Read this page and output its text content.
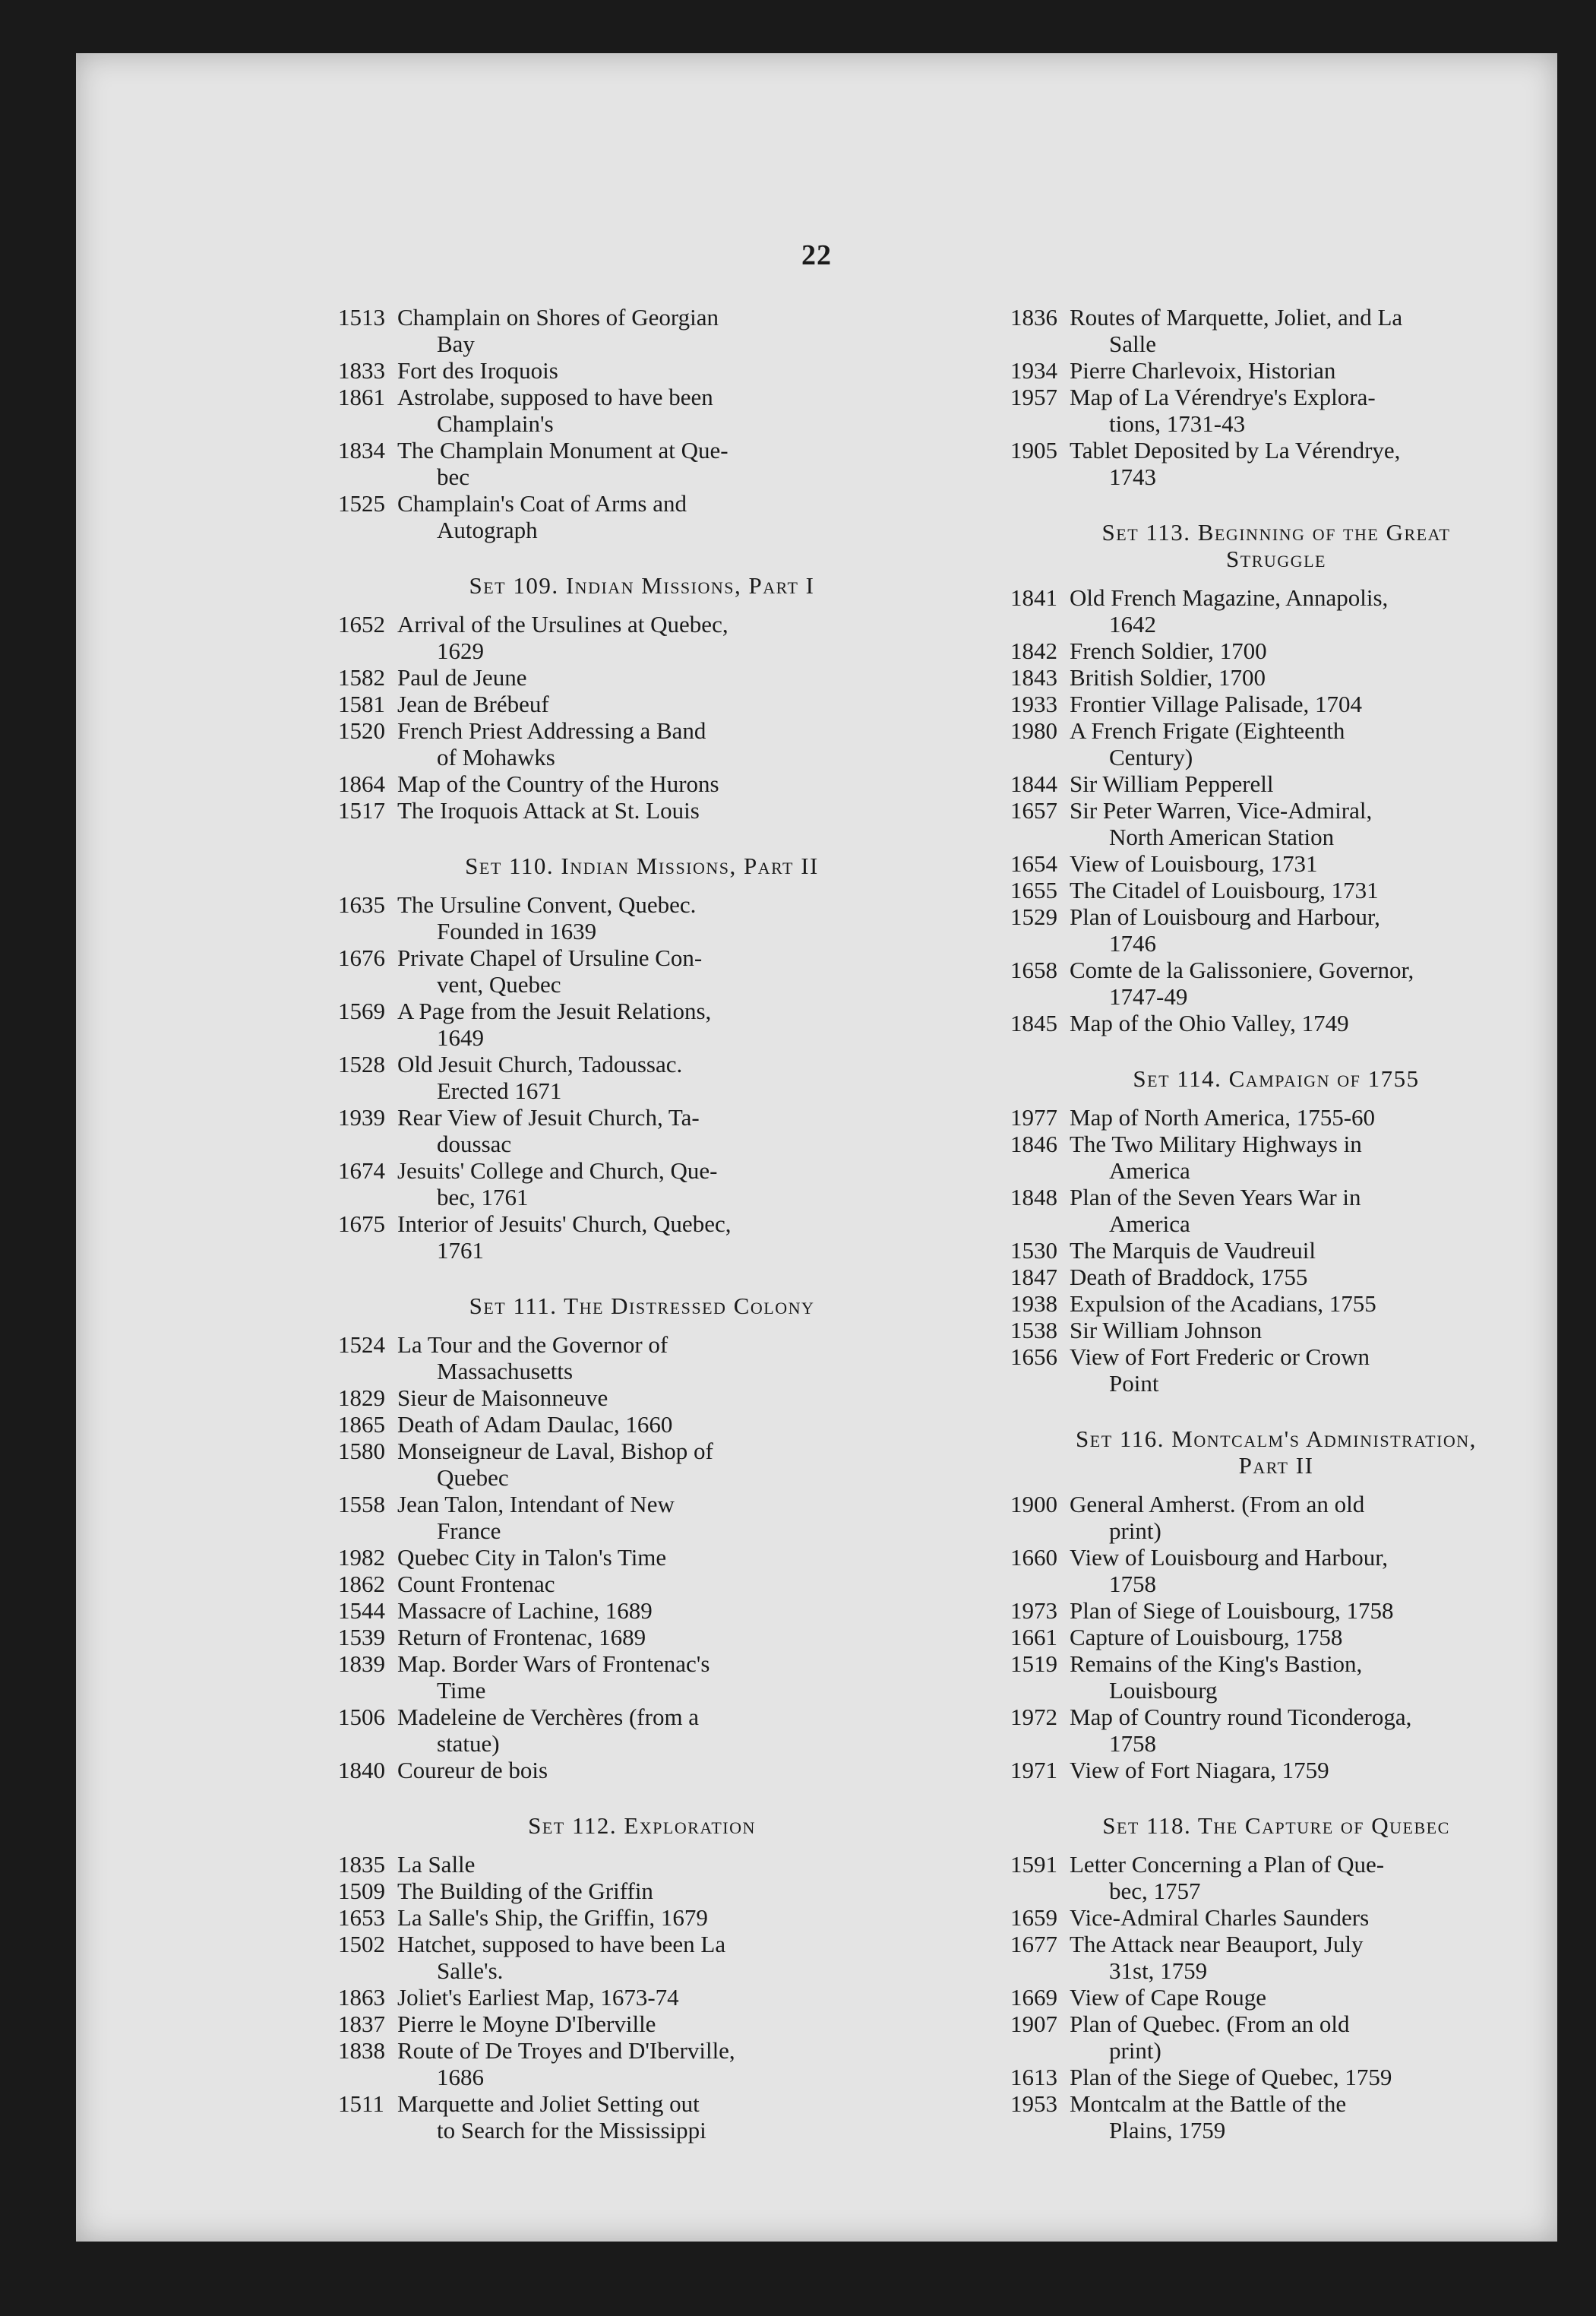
22
1513 Champlain on Shores of Georgian
Bay
1833 Fort des Iroquois
1861 Astrolabe, supposed to have been
Champlain's
1834 The Champlain Monument at Que-
bec
1525 Champlain's Coat of Arms and
Autograph
Set 109. Indian Missions, Part I
1652 Arrival of the Ursulines at Quebec,
1629
1582 Paul de Jeune
1581 Jean de Brébeuf
1520 French Priest Addressing a Band
of Mohawks
1864 Map of the Country of the Hurons
1517 The Iroquois Attack at St. Louis
Set 110. Indian Missions, Part II
1635 The Ursuline Convent, Quebec.
Founded in 1639
1676 Private Chapel of Ursuline Con-
vent, Quebec
1569 A Page from the Jesuit Relations,
1649
1528 Old Jesuit Church, Tadoussac.
Erected 1671
1939 Rear View of Jesuit Church, Ta-
doussac
1674 Jesuits' College and Church, Que-
bec, 1761
1675 Interior of Jesuits' Church, Quebec,
1761
Set 111. The Distressed Colony
1524 La Tour and the Governor of
Massachusetts
1829 Sieur de Maisonneuve
1865 Death of Adam Daulac, 1660
1580 Monseigneur de Laval, Bishop of
Quebec
1558 Jean Talon, Intendant of New
France
1982 Quebec City in Talon's Time
1862 Count Frontenac
1544 Massacre of Lachine, 1689
1539 Return of Frontenac, 1689
1839 Map. Border Wars of Frontenac's
Time
1506 Madeleine de Verchères (from a
statue)
1840 Coureur de bois
Set 112. Exploration
1835 La Salle
1509 The Building of the Griffin
1653 La Salle's Ship, the Griffin, 1679
1502 Hatchet, supposed to have been La
Salle's.
1863 Joliet's Earliest Map, 1673-74
1837 Pierre le Moyne D'Iberville
1838 Route of De Troyes and D'Iberville,
1686
1511 Marquette and Joliet Setting out
to Search for the Mississippi
1836 Routes of Marquette, Joliet, and La
Salle
1934 Pierre Charlevoix, Historian
1957 Map of La Vérendrye's Explora-
tions, 1731-43
1905 Tablet Deposited by La Vérendrye,
1743
Set 113. Beginning of the Great
Struggle
1841 Old French Magazine, Annapolis,
1642
1842 French Soldier, 1700
1843 British Soldier, 1700
1933 Frontier Village Palisade, 1704
1980 A French Frigate (Eighteenth
Century)
1844 Sir William Pepperell
1657 Sir Peter Warren, Vice-Admiral,
North American Station
1654 View of Louisbourg, 1731
1655 The Citadel of Louisbourg, 1731
1529 Plan of Louisbourg and Harbour,
1746
1658 Comte de la Galissoniere, Governor,
1747-49
1845 Map of the Ohio Valley, 1749
Set 114. Campaign of 1755
1977 Map of North America, 1755-60
1846 The Two Military Highways in
America
1848 Plan of the Seven Years War in
America
1530 The Marquis de Vaudreuil
1847 Death of Braddock, 1755
1938 Expulsion of the Acadians, 1755
1538 Sir William Johnson
1656 View of Fort Frederic or Crown
Point
Set 116. Montcalm's Administration,
Part II
1900 General Amherst. (From an old
print)
1660 View of Louisbourg and Harbour,
1758
1973 Plan of Siege of Louisbourg, 1758
1661 Capture of Louisbourg, 1758
1519 Remains of the King's Bastion,
Louisbourg
1972 Map of Country round Ticonderoga,
1758
1971 View of Fort Niagara, 1759
Set 118. The Capture of Quebec
1591 Letter Concerning a Plan of Que-
bec, 1757
1659 Vice-Admiral Charles Saunders
1677 The Attack near Beauport, July
31st, 1759
1669 View of Cape Rouge
1907 Plan of Quebec. (From an old
print)
1613 Plan of the Siege of Quebec, 1759
1953 Montcalm at the Battle of the
Plains, 1759
